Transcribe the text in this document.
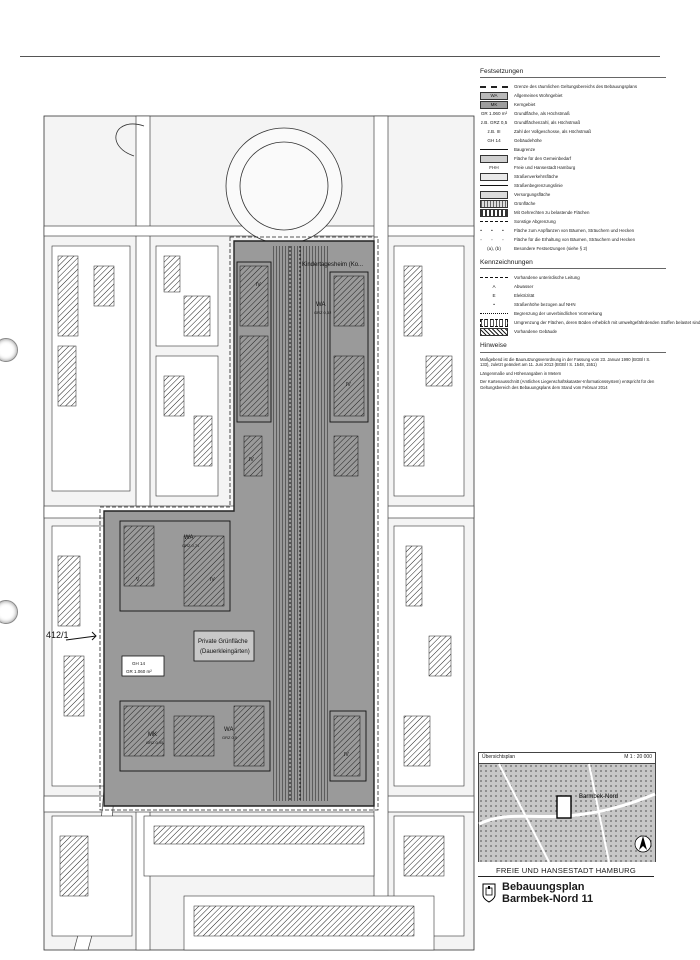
Kindertagesheim (Ko...
WA
GRZ 0,32
WA
GRZ 0,71
Private Grünfläche
(Dauerkleingärten)
GH 14
GR 1.060 m²
MK
GRZ 0,95
WA
GRZ 0,5
IV
IV
IV
V	IV
IV
412/1
Festsetzungen
Grenze des räumlichen Geltungsbereichs des Bebauungsplans
WA	Allgemeines Wohngebiet
MK	Kerngebiet
GR 1.060 m² Grundfläche, als Höchstmaß
z.B. GRZ 0,5 Grundflächenzahl, als Höchstmaß
z.B. III	Zahl der Vollgeschosse, als Höchstmaß
GH 14	Gebäudehöhe
Baugrenze
Fläche für den Gemeinbedarf
FHH	Freie und Hansestadt Hamburg
Straßenverkehrsfläche
Straßenbegrenzungslinie
Versorgungsfläche
Grünfläche
Mit Gehrechten zu belastende Flächen
Sonstige Abgrenzung
• • • Fläche zum Anpflanzen von Bäumen, Sträuchern und Hecken
◦ ◦ ◦ Fläche für die Erhaltung von Bäumen, Sträuchern und Hecken
(a), (b)	Besondere Festsetzungen (siehe § 2)
Kennzeichnungen
Vorhandene unterirdische Leitung
A	Abwasser
E	Elektrizität
•	Straßenhöhe bezogen auf NHN
Begrenzung der unverbindlichen Vormerkung
Umgrenzung der Flächen, deren Böden erheblich mit umweltgefährdenden Stoffen belastet sind
Vorhandene Gebäude
Hinweise

Maßgebend ist die Baunutzungsverordnung in der Fassung vom 23. Januar 1990 (BGBl I S. 133), zuletzt geändert am 11. Juni 2013 (BGBl I S. 1548, 1551)

Längenmaße und Höhenangaben in Metern

Der Kartenausschnitt (Amtliches Liegenschaftskataster-Informationssystem) entspricht für den Geltungsbereich des Bebauungsplans dem Stand vom Februar 2014

Übersichtsplan	M 1 : 20 000
Barmbek-Nord
FREIE UND HANSESTADT HAMBURG
Bebauungsplan
Barmbek-Nord 11
